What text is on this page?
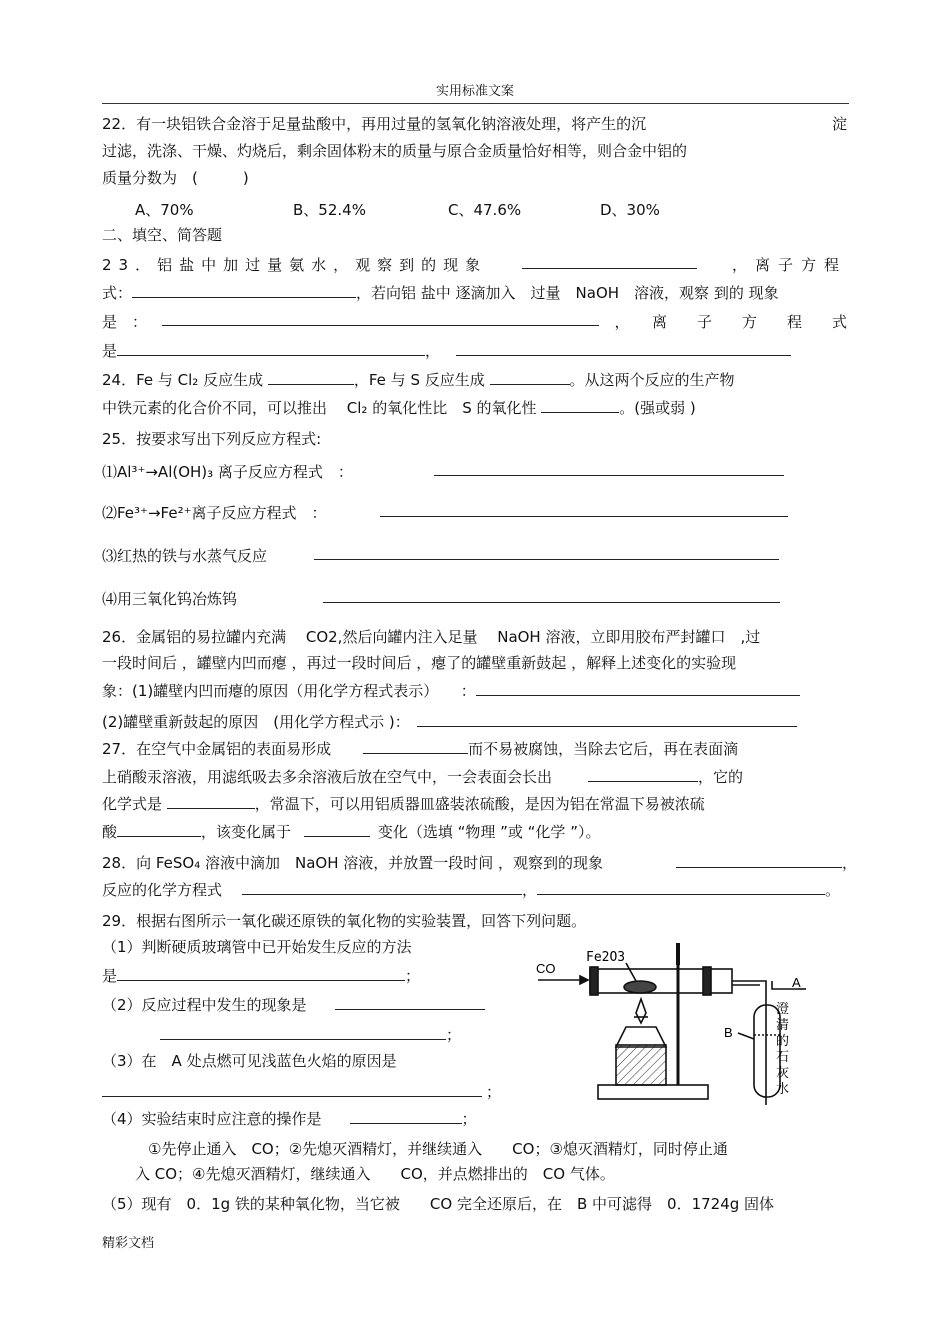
实用标准文案
22．有一块铝铁合金溶于足量盐酸中，再用过量的氢氧化钠溶液处理，将产生的沉	淀
过滤，洗涤、干燥、灼烧后，剩余固体粉末的质量与原合金质量恰好相等，则合金中铝的
质量分数为　(　　　)
A、70%	B、52.4%	C、47.6%	D、30%
二、填空、简答题
23．铝盐中加过量氨水，观察到的现象	，离子方程
式：	，若向铝 盐中 逐滴加入　过量　NaOH　溶液，观察 到的 现象
是　：	，　　离　　子　　方　　程　　式
是	，
24．Fe 与 Cl₂ 反应生成	，Fe 与 S 反应生成	。从这两个反应的生产物
中铁元素的化合价不同，可以推出　 Cl₂ 的氧化性比　S 的氧化性	。(强或弱 )
25．按要求写出下列反应方程式:
⑴Al³⁺→Al(OH)₃ 离子反应方程式　：
⑵Fe³⁺→Fe²⁺离子反应方程式　：
⑶红热的铁与水蒸气反应
⑷用三氧化钨冶炼钨
26．金属铝的易拉罐内充满　 CO2,然后向罐内注入足量　 NaOH 溶液，立即用胶布严封罐口　,过
一段时间后 ，罐壁内凹而瘪 ，再过一段时间后 ，瘪了的罐壁重新鼓起 ，解释上述变化的实验现
象：(1)罐壁内凹而瘪的原因（用化学方程式表示）　　：
(2)罐壁重新鼓起的原因　(用化学方程式示 )：　
27．在空气中金属铝的表面易形成	而不易被腐蚀，当除去它后，再在表面滴
上硝酸汞溶液，用滤纸吸去多余溶液后放在空气中，一会表面会长出	，它的
化学式是	，常温下，可以用铝质器皿盛装浓硫酸，是因为铝在常温下易被浓硫
酸	，该变化属于	变化（选填 “物理 ”或 “化学 ”）。
28．向 FeSO₄ 溶液中滴加　NaOH 溶液，并放置一段时间 ，观察到的现象	，
反应的化学方程式	，	。
29．根据右图所示一氧化碳还原铁的氧化物的实验装置，回答下列问题。
（1）判断硬质玻璃管中已开始发生反应的方法
是	；
（2）反应过程中发生的现象是
；
（3）在　A 处点燃可见浅蓝色火焰的原因是
；
（4）实验结束时应注意的操作是	；
①先停止通入　CO；②先熄灭酒精灯，并继续通入　　CO；③熄灭酒精灯，同时停止通
入 CO；④先熄灭酒精灯，继续通入　　CO，并点燃排出的　CO 气体。
（5）现有　0．1g 铁的某种氧化物，当它被　　CO 完全还原后，在　B 中可滤得　0．1724g 固体
CO
Fe2O3
A
B
澄
清
的
石
灰
水
精彩文档
